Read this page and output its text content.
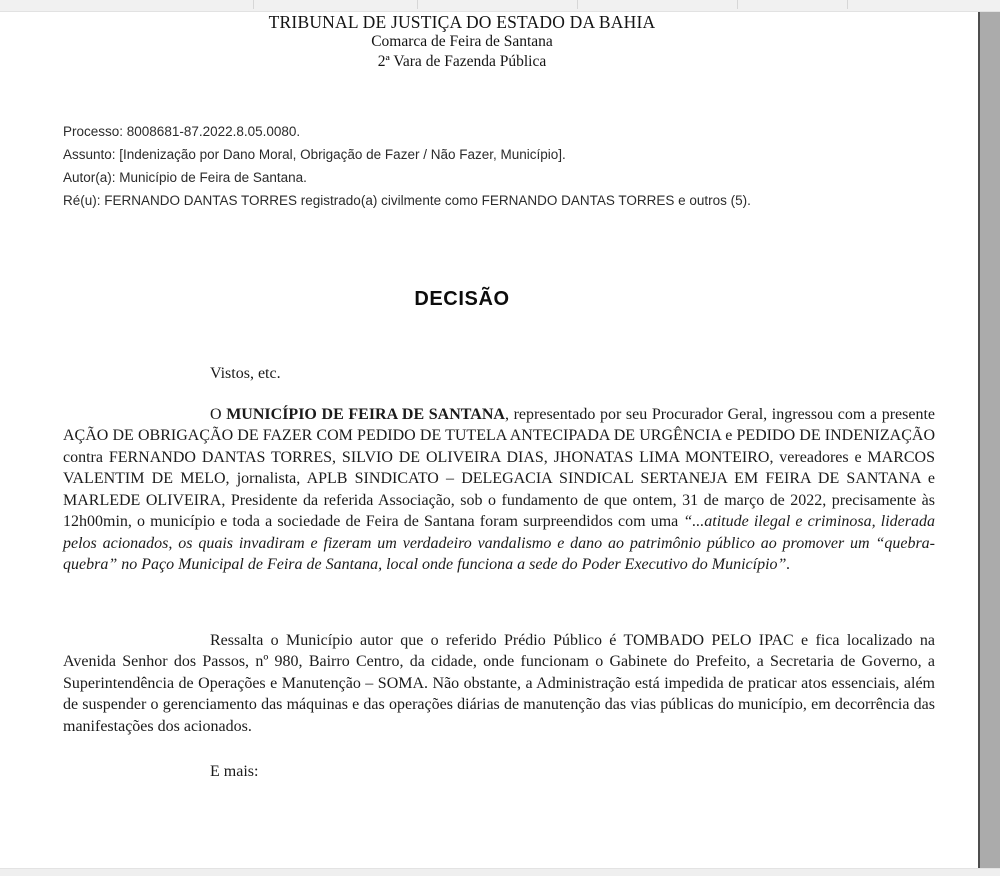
TRIBUNAL DE JUSTIÇA DO ESTADO DA BAHIA
Comarca de Feira de Santana
2ª Vara de Fazenda Pública
Processo: 8008681-87.2022.8.05.0080.
Assunto: [Indenização por Dano Moral, Obrigação de Fazer / Não Fazer, Município].
Autor(a): Município de Feira de Santana.
Ré(u): FERNANDO DANTAS TORRES registrado(a) civilmente como FERNANDO DANTAS TORRES e outros (5).
DECISÃO
Vistos, etc.

O MUNICÍPIO DE FEIRA DE SANTANA, representado por seu Procurador Geral, ingressou com a presente AÇÃO DE OBRIGAÇÃO DE FAZER COM PEDIDO DE TUTELA ANTECIPADA DE URGÊNCIA e PEDIDO DE INDENIZAÇÃO contra FERNANDO DANTAS TORRES, SILVIO DE OLIVEIRA DIAS, JHONATAS LIMA MONTEIRO, vereadores e MARCOS VALENTIM DE MELO, jornalista, APLB SINDICATO – DELEGACIA SINDICAL SERTANEJA EM FEIRA DE SANTANA e MARLEDE OLIVEIRA, Presidente da referida Associação, sob o fundamento de que ontem, 31 de março de 2022, precisamente às 12h00min, o município e toda a sociedade de Feira de Santana foram surpreendidos com uma “...atitude ilegal e criminosa, liderada pelos acionados, os quais invadiram e fizeram um verdadeiro vandalismo e dano ao patrimônio público ao promover um “quebra-quebra” no Paço Municipal de Feira de Santana, local onde funciona a sede do Poder Executivo do Município”.

Ressalta o Município autor que o referido Prédio Público é TOMBADO PELO IPAC e fica localizado na Avenida Senhor dos Passos, nº 980, Bairro Centro, da cidade, onde funcionam o Gabinete do Prefeito, a Secretaria de Governo, a Superintendência de Operações e Manutenção – SOMA. Não obstante, a Administração está impedida de praticar atos essenciais, além de suspender o gerenciamento das máquinas e das operações diárias de manutenção das vias públicas do município, em decorrência das manifestações dos acionados.

E mais:
